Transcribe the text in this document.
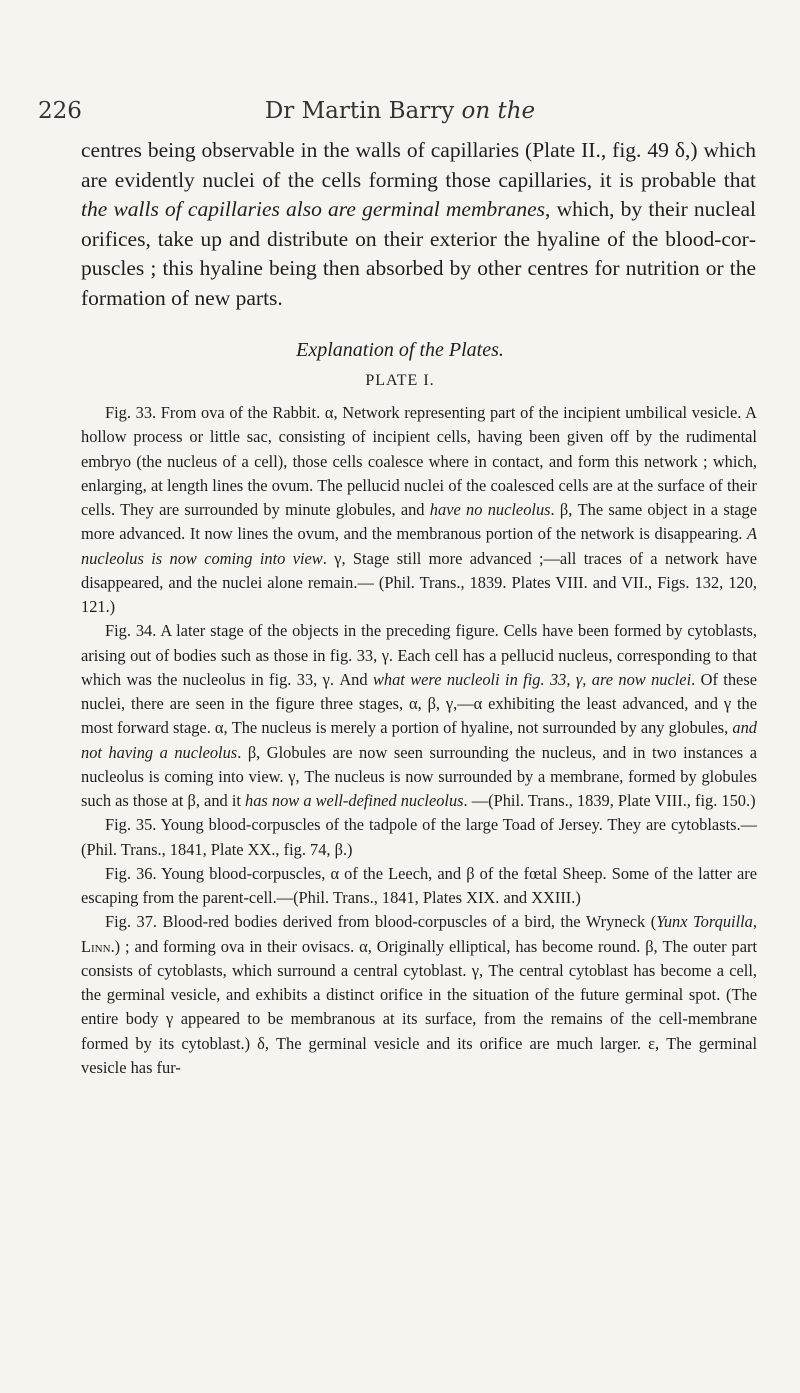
226	Dr Martin Barry on the

centres being observable in the walls of capillaries (Plate II., fig. 49 δ,) which are evidently nuclei of the cells forming those capillaries, it is probable that the walls of capillaries also are germinal membranes, which, by their nucleal orifices, take up and distribute on their exterior the hyaline of the blood-corpuscles ; this hyaline being then absorbed by other centres for nutrition or the formation of new parts.

Explanation of the Plates.
PLATE I.

Fig. 33. From ova of the Rabbit. α, Network representing part of the incipient umbilical vesicle. A hollow process or little sac, consisting of incipient cells, having been given off by the rudimental embryo (the nucleus of a cell), those cells coalesce where in contact, and form this network ; which, enlarging, at length lines the ovum. The pellucid nuclei of the coalesced cells are at the surface of their cells. They are surrounded by minute globules, and have no nucleolus. β, The same object in a stage more advanced. It now lines the ovum, and the membranous portion of the network is disappearing. A nucleolus is now coming into view. γ, Stage still more advanced ;—all traces of a network have disappeared, and the nuclei alone remain.— (Phil. Trans., 1839. Plates VIII. and VII., Figs. 132, 120, 121.)

Fig. 34. A later stage of the objects in the preceding figure. Cells have been formed by cytoblasts, arising out of bodies such as those in fig. 33, γ. Each cell has a pellucid nucleus, corresponding to that which was the nucleolus in fig. 33, γ. And what were nucleoli in fig. 33, γ, are now nuclei. Of these nuclei, there are seen in the figure three stages, α, β, γ,—α exhibiting the least advanced, and γ the most forward stage. α, The nucleus is merely a portion of hyaline, not surrounded by any globules, and not having a nucleolus. β, Globules are now seen surrounding the nucleus, and in two instances a nucleolus is coming into view. γ, The nucleus is now surrounded by a membrane, formed by globules such as those at β, and it has now a well-defined nucleolus. —(Phil. Trans., 1839, Plate VIII., fig. 150.)

Fig. 35. Young blood-corpuscles of the tadpole of the large Toad of Jersey. They are cytoblasts.—(Phil. Trans., 1841, Plate XX., fig. 74, β.)

Fig. 36. Young blood-corpuscles, α of the Leech, and β of the fœtal Sheep. Some of the latter are escaping from the parent-cell.—(Phil. Trans., 1841, Plates XIX. and XXIII.)

Fig. 37. Blood-red bodies derived from blood-corpuscles of a bird, the Wryneck (Yunx Torquilla, Linn.) ; and forming ova in their ovisacs. α, Originally elliptical, has become round. β, The outer part consists of cytoblasts, which surround a central cytoblast. γ, The central cytoblast has become a cell, the germinal vesicle, and exhibits a distinct orifice in the situation of the future germinal spot. (The entire body γ appeared to be membranous at its surface, from the remains of the cell-membrane formed by its cytoblast.) δ, The germinal vesicle and its orifice are much larger. ε, The germinal vesicle has fur-
